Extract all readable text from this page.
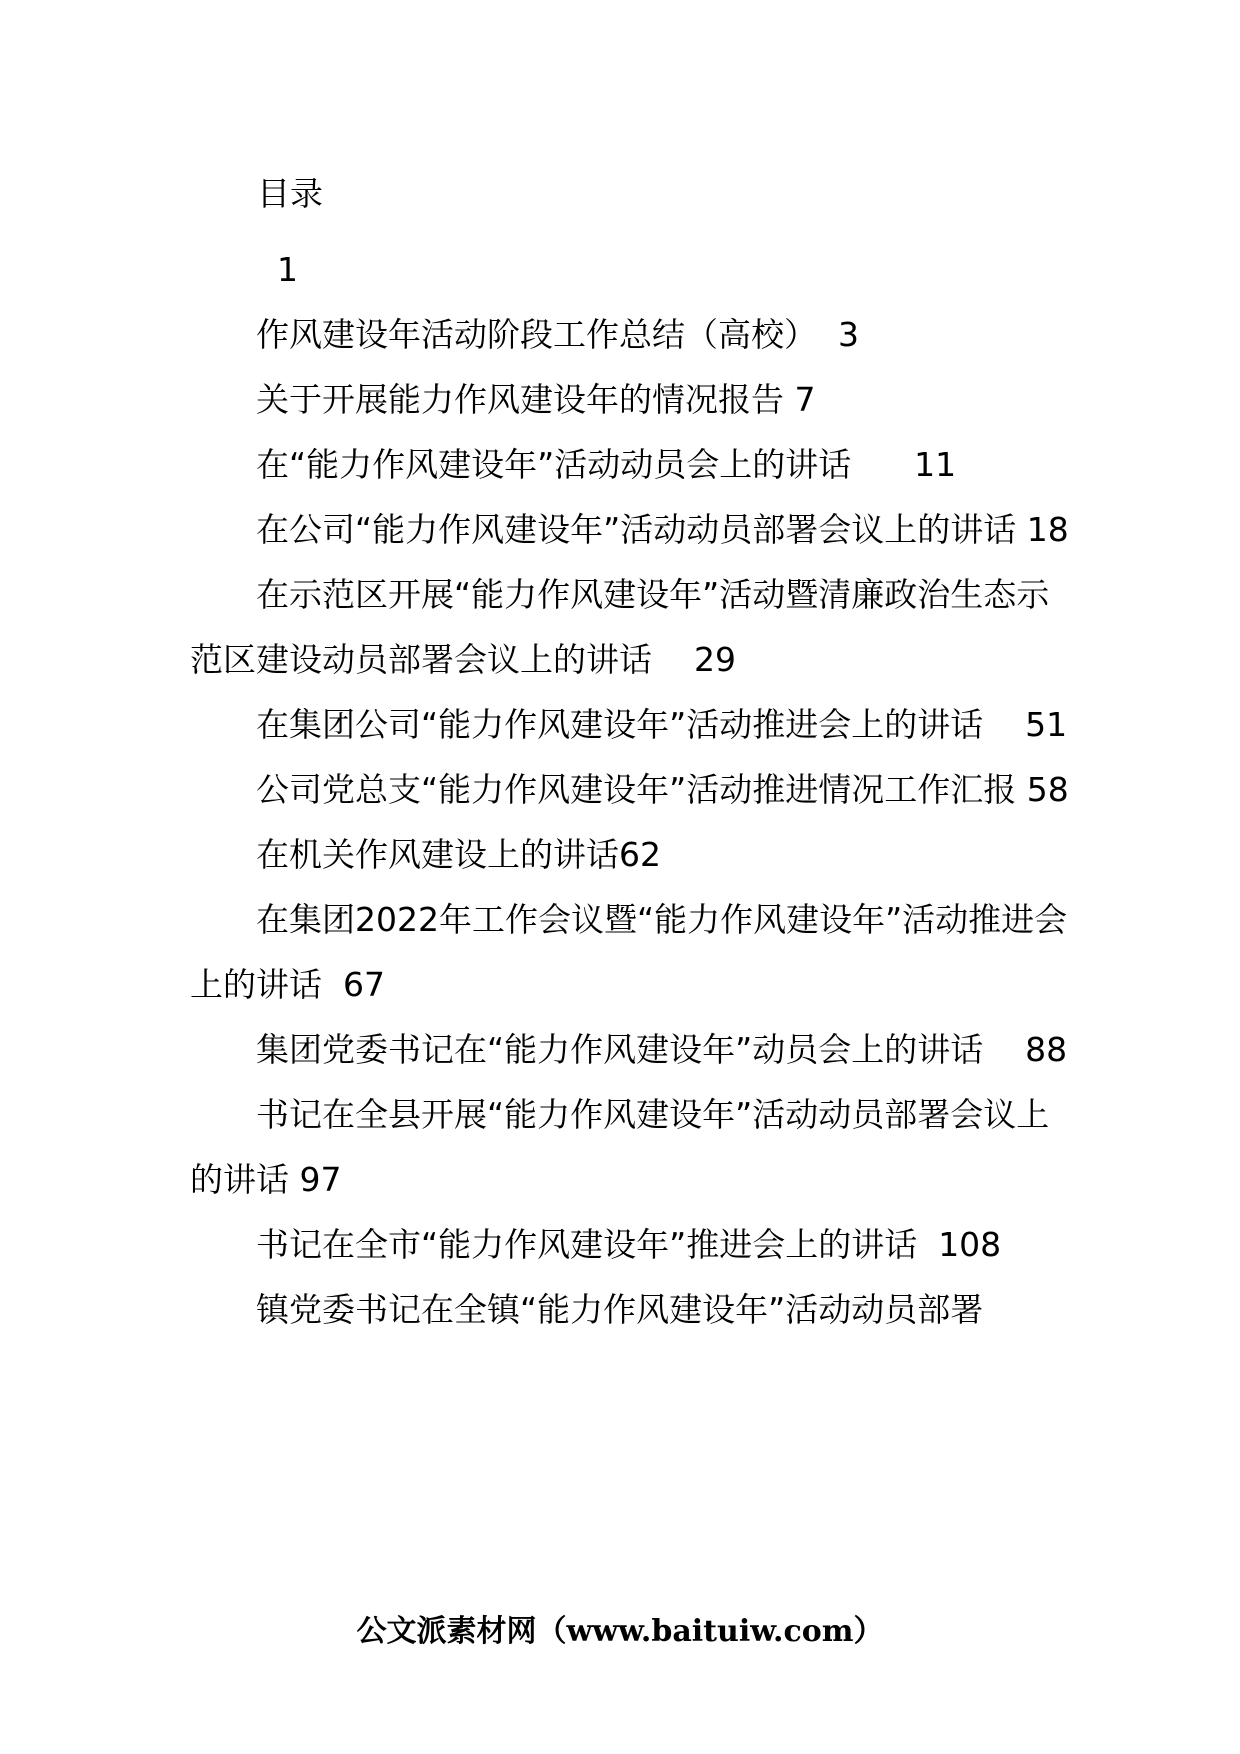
目录
1
作风建设年活动阶段工作总结（高校） 3
关于开展能力作风建设年的情况报告 7
在“能力作风建设年”活动动员会上的讲话 11
在公司“能力作风建设年”活动动员部署会议上的讲话 18
在示范区开展“能力作风建设年”活动暨清廉政治生态示范区建设动员部署会议上的讲话 29
在集团公司“能力作风建设年”活动推进会上的讲话 51
公司党总支“能力作风建设年”活动推进情况工作汇报 58
在机关作风建设上的讲话62
在集团2022年工作会议暨“能力作风建设年”活动推进会上的讲话 67
集团党委书记在“能力作风建设年”动员会上的讲话 88
书记在全县开展“能力作风建设年”活动动员部署会议上的讲话 97
书记在全市“能力作风建设年”推进会上的讲话 108
镇党委书记在全镇“能力作风建设年”活动动员部署
公文派素材网（www.baituiw.com）
